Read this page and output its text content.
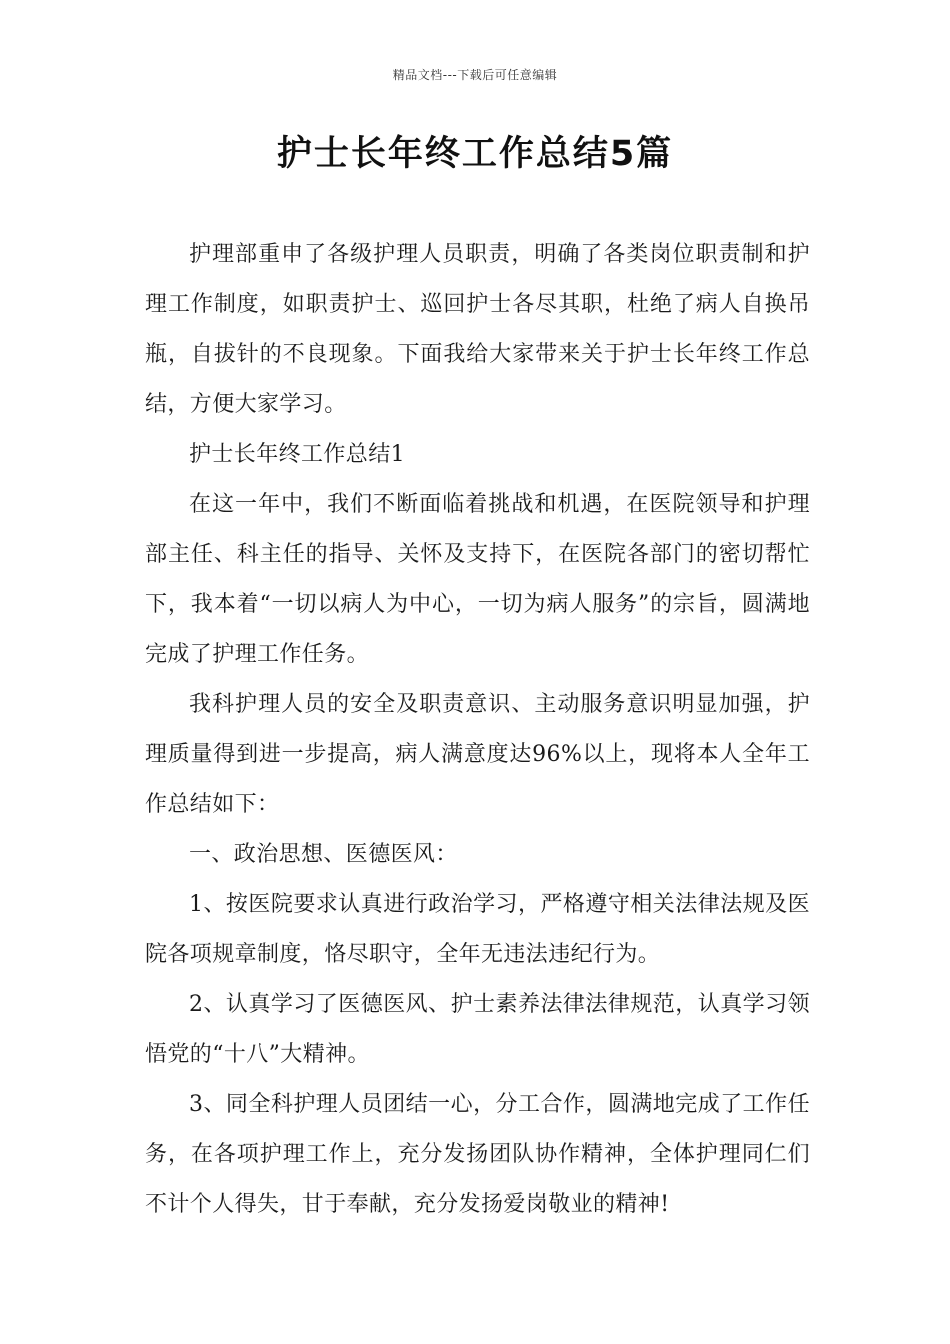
精品文档---下载后可任意编辑
护士长年终工作总结5篇

护理部重申了各级护理人员职责，明确了各类岗位职责制和护理工作制度，如职责护士、巡回护士各尽其职，杜绝了病人自换吊瓶，自拔针的不良现象。下面我给大家带来关于护士长年终工作总结，方便大家学习。

护士长年终工作总结1

在这一年中，我们不断面临着挑战和机遇，在医院领导和护理部主任、科主任的指导、关怀及支持下，在医院各部门的密切帮忙下，我本着“一切以病人为中心，一切为病人服务”的宗旨，圆满地完成了护理工作任务。

我科护理人员的安全及职责意识、主动服务意识明显加强，护理质量得到进一步提高，病人满意度达96%以上，现将本人全年工作总结如下：

一、政治思想、医德医风：

1、按医院要求认真进行政治学习，严格遵守相关法律法规及医院各项规章制度，恪尽职守，全年无违法违纪行为。

2、认真学习了医德医风、护士素养法律法律规范，认真学习领悟党的“十八”大精神。

3、同全科护理人员团结一心，分工合作，圆满地完成了工作任务，在各项护理工作上，充分发扬团队协作精神，全体护理同仁们不计个人得失，甘于奉献，充分发扬爱岗敬业的精神!
